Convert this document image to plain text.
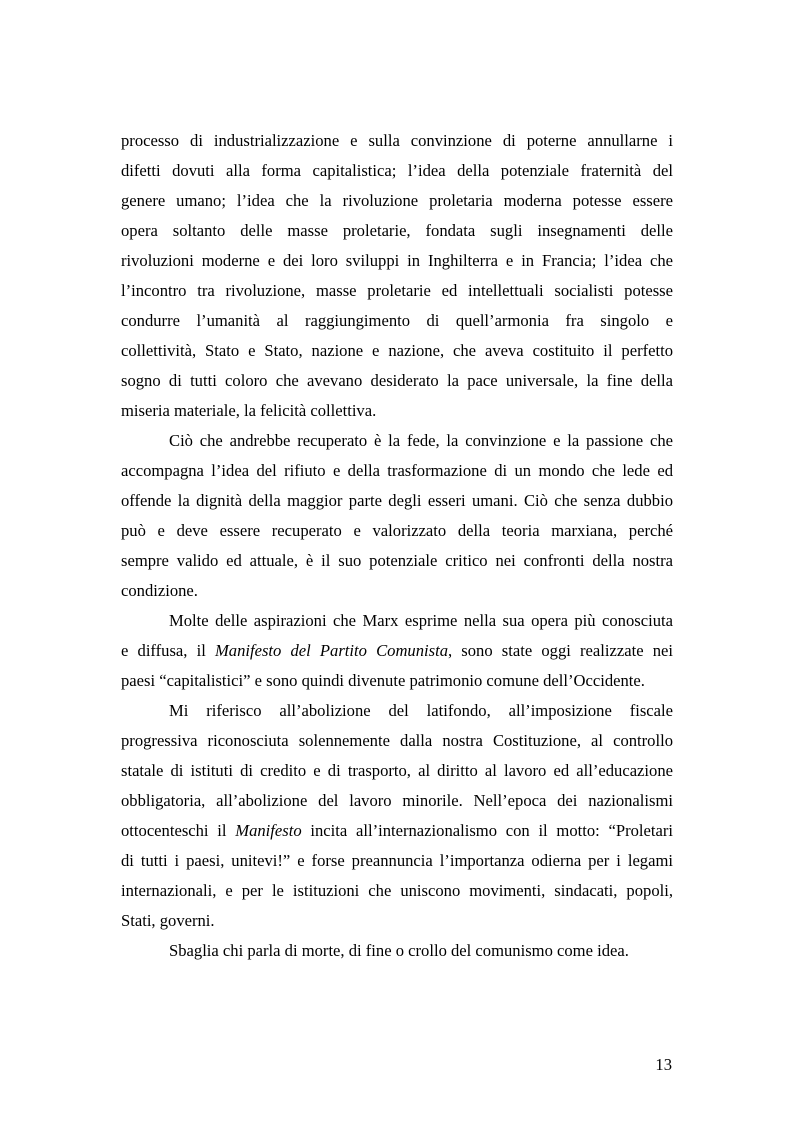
processo di industrializzazione e sulla convinzione di poterne annullarne i
difetti dovuti alla forma capitalistica; l’idea della potenziale fraternità del
genere umano; l’idea che la rivoluzione proletaria moderna potesse essere
opera soltanto delle masse proletarie, fondata sugli insegnamenti delle
rivoluzioni moderne e dei loro sviluppi in Inghilterra e in Francia; l’idea che
l’incontro tra rivoluzione, masse proletarie ed intellettuali socialisti potesse
condurre l’umanità al raggiungimento di quell’armonia fra singolo e
collettività, Stato e Stato, nazione e nazione, che aveva costituito il perfetto
sogno di tutti coloro che avevano desiderato la pace universale, la fine della
miseria materiale, la felicità collettiva.
Ciò che andrebbe recuperato è la fede, la convinzione e la passione che
accompagna l’idea del rifiuto e della trasformazione di un mondo che lede ed
offende la dignità della maggior parte degli esseri umani. Ciò che senza dubbio
può e deve essere recuperato e valorizzato della teoria marxiana, perché
sempre valido ed attuale, è il suo potenziale critico nei confronti della nostra
condizione.
Molte delle aspirazioni che Marx esprime nella sua opera più conosciuta
e diffusa, il Manifesto del Partito Comunista, sono state oggi realizzate nei
paesi “capitalistici” e sono quindi divenute patrimonio comune dell’Occidente.
Mi riferisco all’abolizione del latifondo, all’imposizione fiscale
progressiva riconosciuta solennemente dalla nostra Costituzione, al controllo
statale di istituti di credito e di trasporto, al diritto al lavoro ed all’educazione
obbligatoria, all’abolizione del lavoro minorile. Nell’epoca dei nazionalismi
ottocenteschi il Manifesto incita all’internazionalismo con il motto: “Proletari
di tutti i paesi, unitevi!” e forse preannuncia l’importanza odierna per i legami
internazionali, e per le istituzioni che uniscono movimenti, sindacati, popoli,
Stati, governi.
Sbaglia chi parla di morte, di fine o crollo del comunismo come idea.
13
